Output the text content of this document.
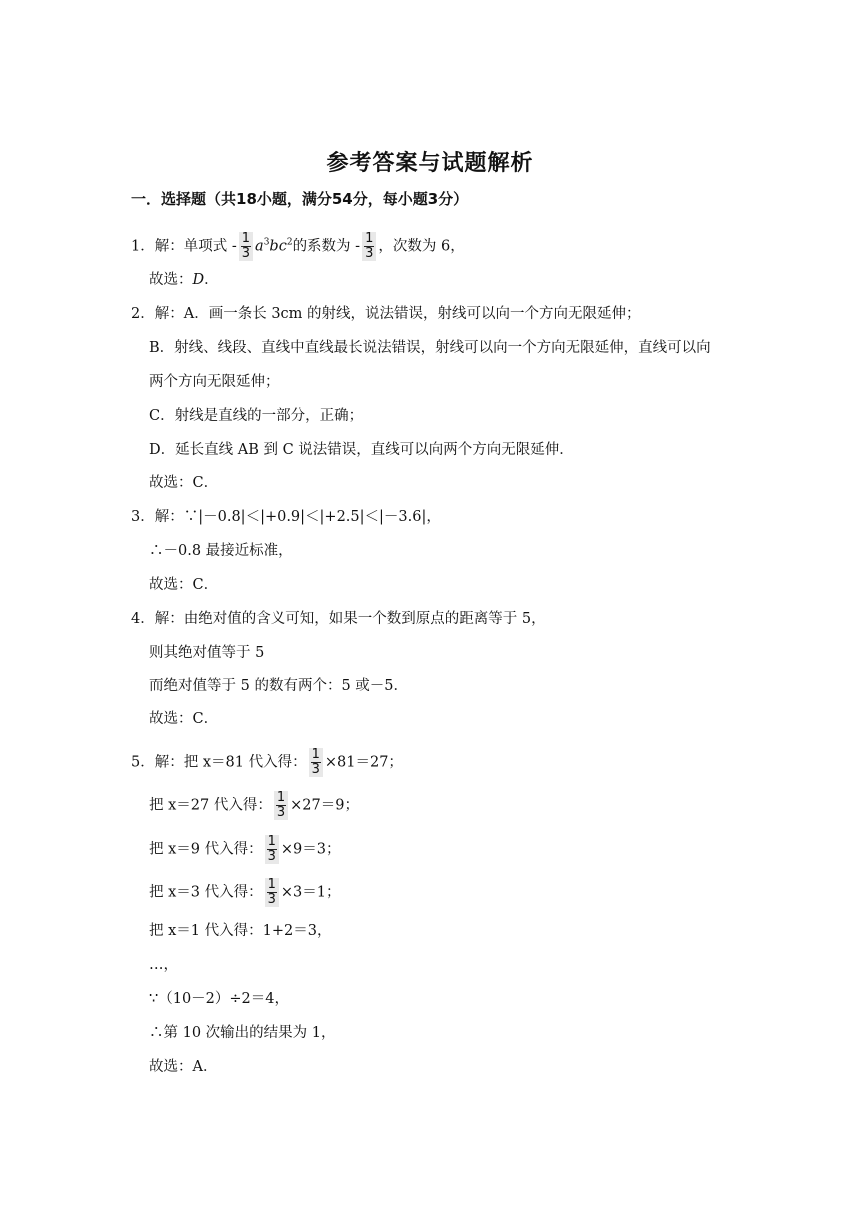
参考答案与试题解析
一．选择题（共18小题，满分54分，每小题3分）
1．解：单项式 - $\frac{1}{3} a^3bc^2$的系数为 - $\frac{1}{3}$ ，次数为 6，
故选：D．
2．解：A．画一条长 3cm 的射线，说法错误，射线可以向一个方向无限延伸；
B．射线、线段、直线中直线最长说法错误，射线可以向一个方向无限延伸，直线可以向
两个方向无限延伸；
C．射线是直线的一部分，正确；
D．延长直线 AB 到 C 说法错误，直线可以向两个方向无限延伸．
故选：C．
3．解：∵|－0.8|＜|+0.9|＜|+2.5|＜|－3.6|，
∴－0.8 最接近标准，
故选：C．
4．解：由绝对值的含义可知，如果一个数到原点的距离等于 5，
则其绝对值等于 5
而绝对值等于 5 的数有两个：5 或－5．
故选：C．
5．解：把 x＝81 代入得： $\frac{1}{3} \times 81=27$；
把 x＝27 代入得： $\frac{1}{3} \times 27=9$；
把 x＝9 代入得： $\frac{1}{3} \times 9=3$；
把 x＝3 代入得： $\frac{1}{3} \times 3=1$；
把 x＝1 代入得：1+2＝3，
…，
∵（10－2）÷2＝4，
∴第 10 次输出的结果为 1，
故选：A．
